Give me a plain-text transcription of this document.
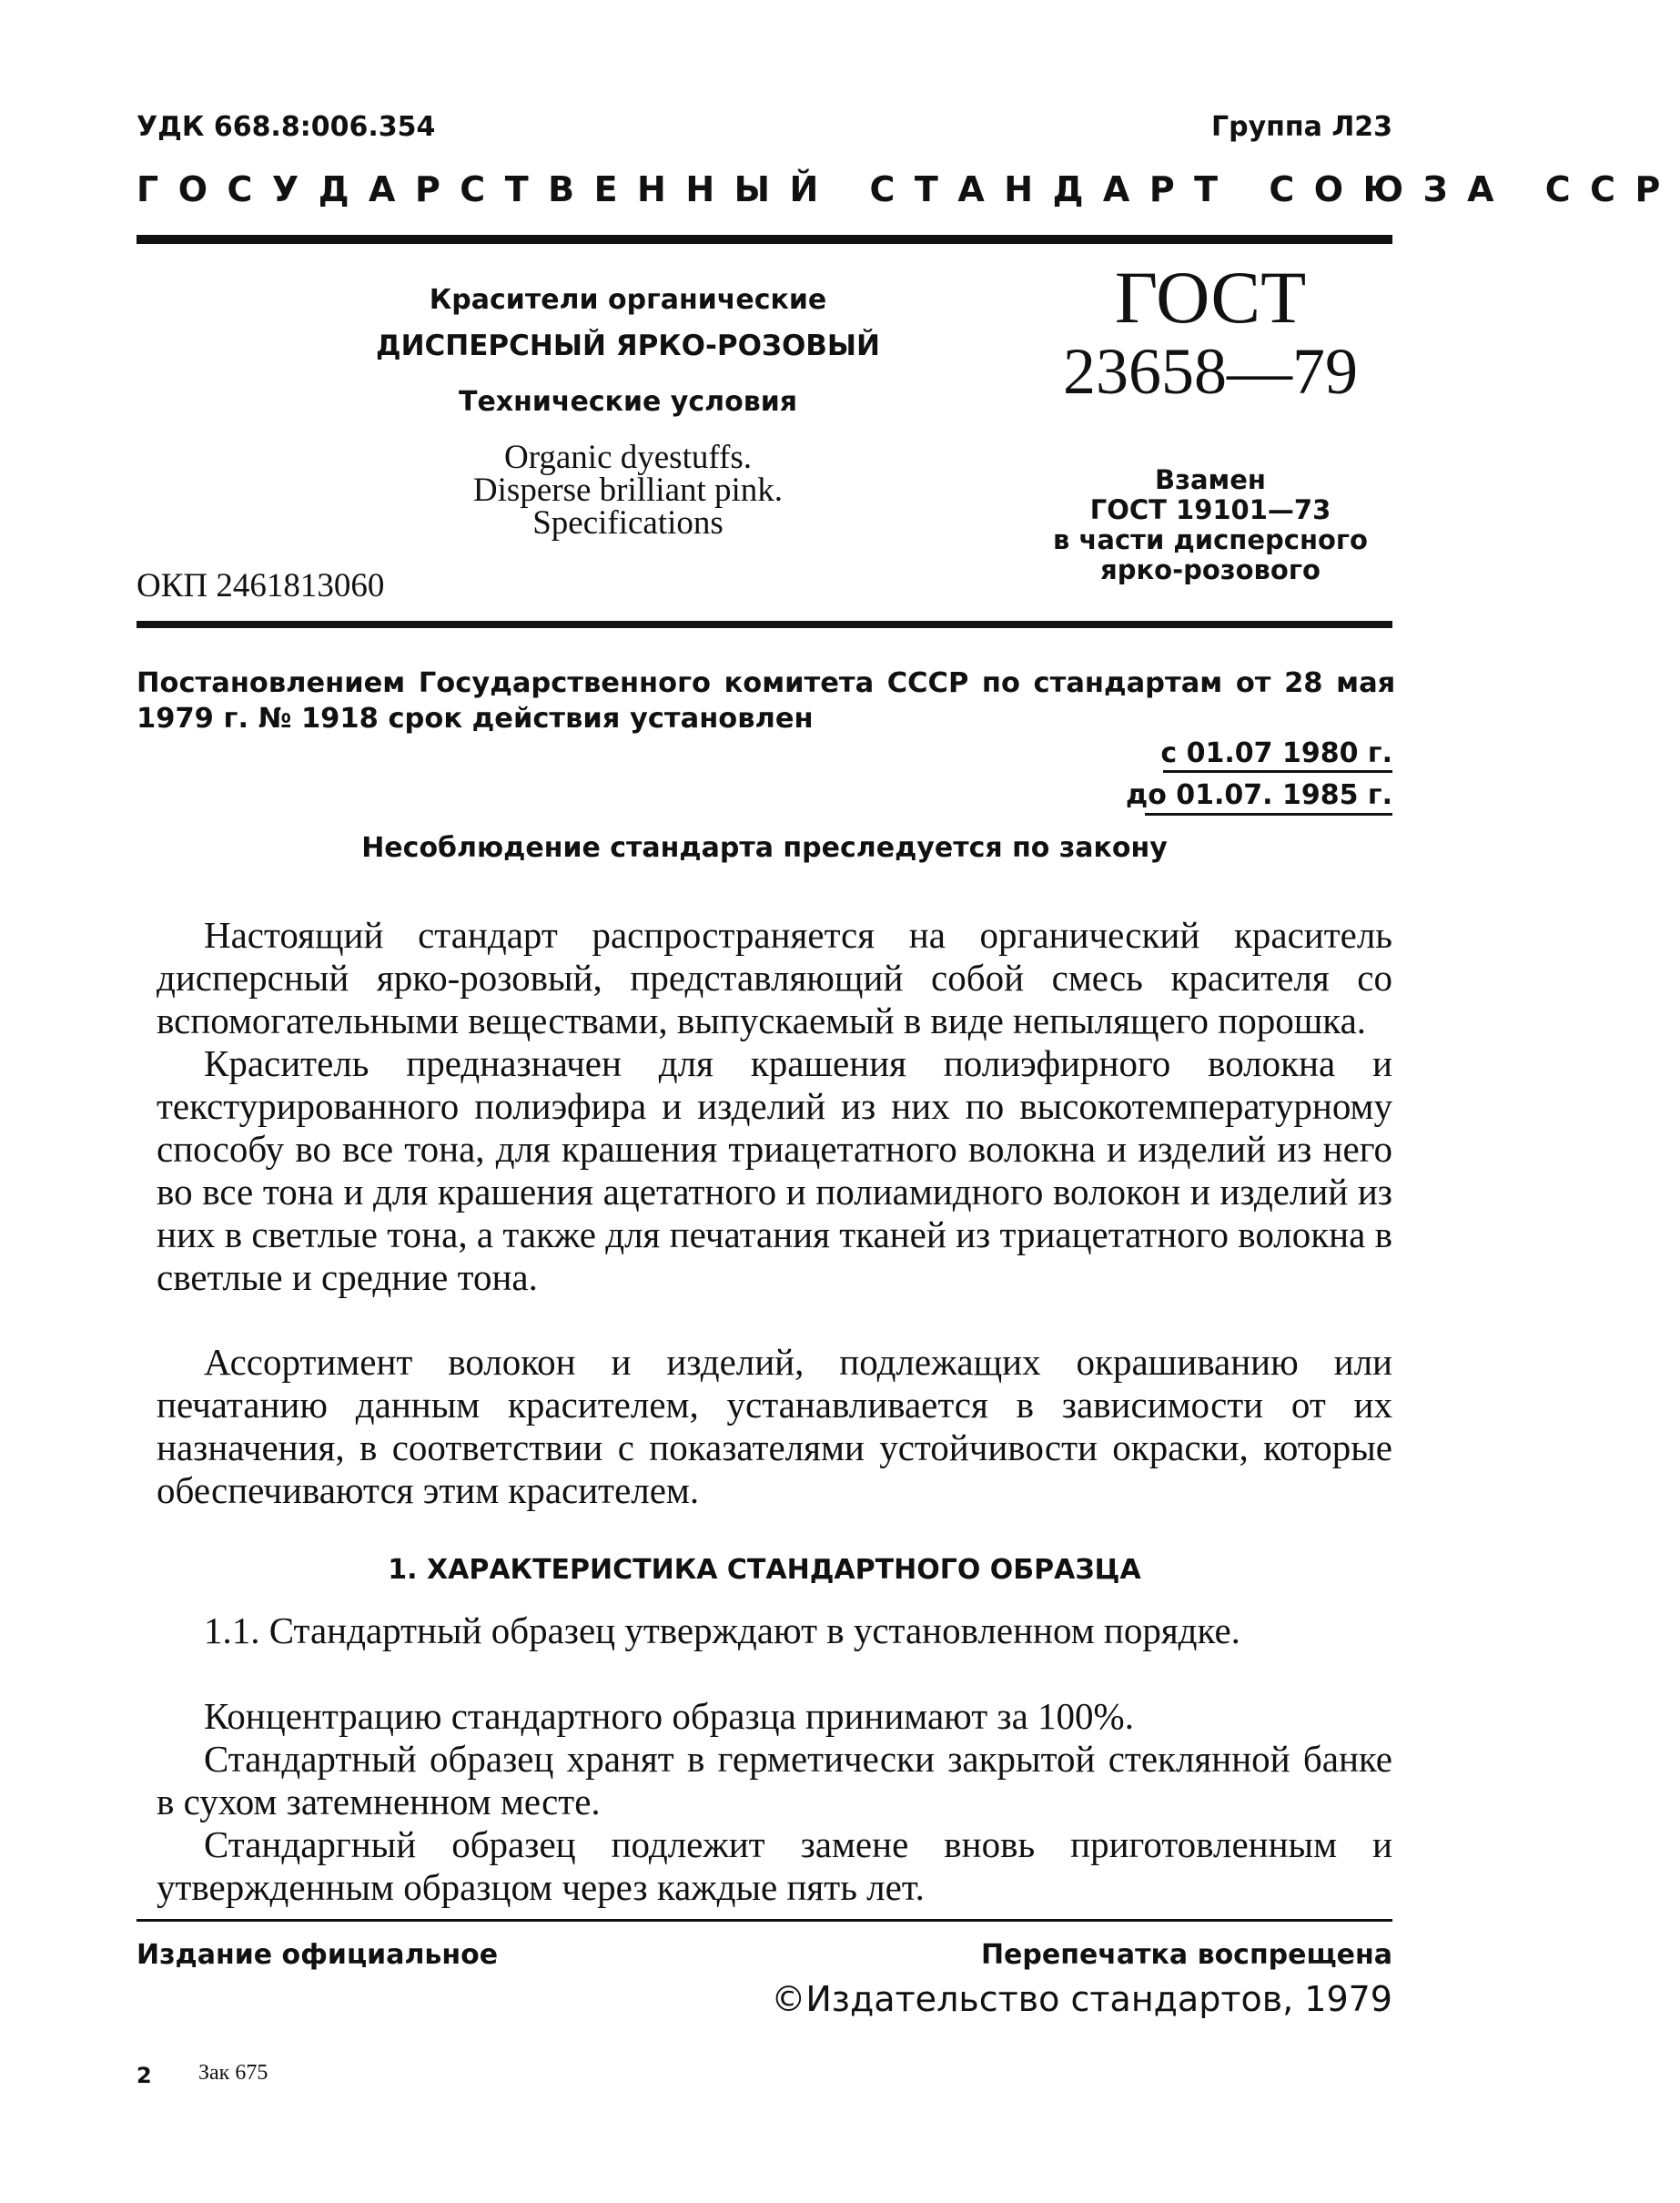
УДК 668.8:006.354	Группа Л23
ГОСУДАРСТВЕННЫЙ СТАНДАРТ СОЮЗА ССР
Красители органические
ДИСПЕРСНЫЙ ЯРКО-РОЗОВЫЙ
Технические условия
Organic dyestuffs.
Disperse brilliant pink.
Specifications
ОКП 2461813060
ГОСТ
23658—79
Взамен
ГОСТ 19101—73
в части дисперсного
ярко-розового
Постановлением Государственного комитета СССР по стандартам от 28 мая
1979 г. № 1918 срок действия установлен
с 01.07 1980 г.
до 01.07. 1985 г.
Несоблюдение стандарта преследуется по закону

Настоящий стандарт распространяется на органический краситель дисперсный ярко-розовый, представляющий собой смесь красителя со вспомогательными веществами, выпускаемый в виде непылящего порошка.

Краситель предназначен для крашения полиэфирного волокна и текстурированного полиэфира и изделий из них по высокотемпературному способу во все тона, для крашения триацетатного волокна и изделий из него во все тона и для крашения ацетатного и полиамидного волокон и изделий из них в светлые тона, а также для печатания тканей из триацетатного волокна в светлые и средние тона.

Ассортимент волокон и изделий, подлежащих окрашиванию или печатанию данным красителем, устанавливается в зависимости от их назначения, в соответствии с показателями устойчивости окраски, которые обеспечиваются этим красителем.

1. ХАРАКТЕРИСТИКА СТАНДАРТНОГО ОБРАЗЦА

1.1. Стандартный образец утверждают в установленном порядке.

Концентрацию стандартного образца принимают за 100%.

Стандартный образец хранят в герметически закрытой стеклянной банке в сухом затемненном месте.

Стандаргный образец подлежит замене вновь приготовленным и утвержденным образцом через каждые пять лет.

Издание официальное	Перепечатка воспрещена
©Издательство стандартов, 1979
2 Зак 675
